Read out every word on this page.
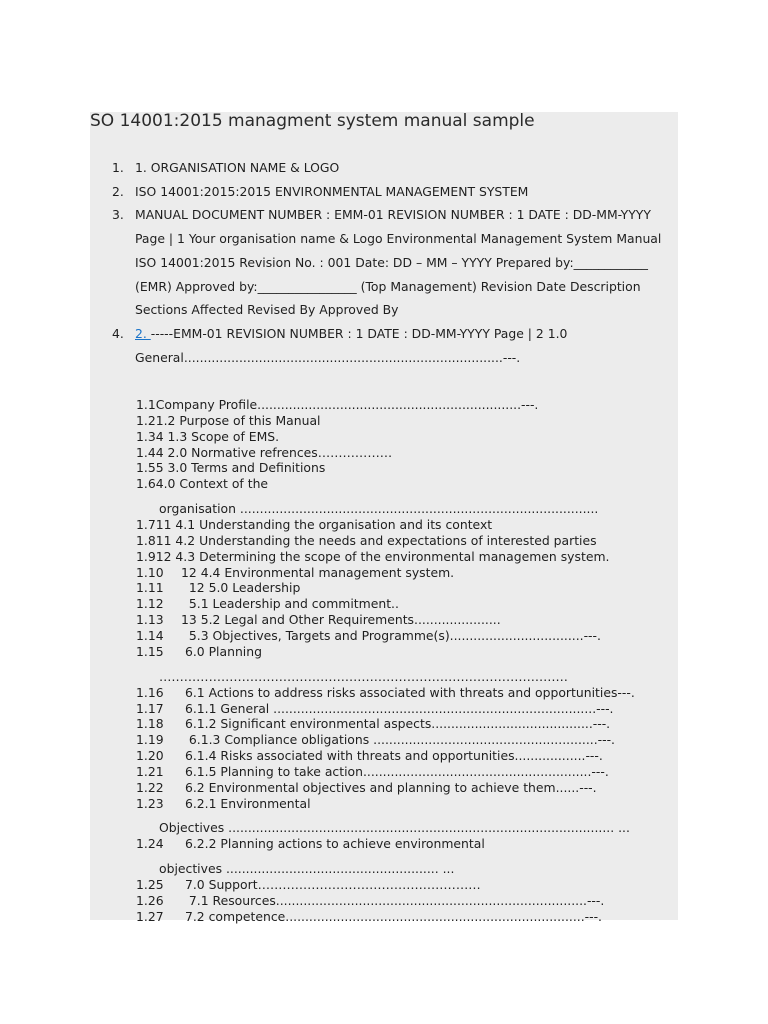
SO 14001:2015 managment system manual sample
1. 1. ORGANISATION NAME & LOGO
2. ISO 14001:2015:2015 ENVIRONMENTAL MANAGEMENT SYSTEM
3. MANUAL DOCUMENT NUMBER : EMM-01 REVISION NUMBER : 1 DATE : DD-MM-YYYY Page | 1 Your organisation name & Logo Environmental Management System Manual ISO 14001:2015 Revision No. : 001 Date: DD – MM – YYYY Prepared by:____________ (EMR) Approved by:________________ (Top Management) Revision Date Description Sections Affected Revised By Approved By
4. 2. -----EMM-01 REVISION NUMBER : 1 DATE : DD-MM-YYYY Page | 2 1.0 General.................................................................................---.
1.1Company Profile...................................................................---.
1.21.2 Purpose of this Manual
1.34 1.3 Scope of EMS.
1.44 2.0 Normative refrences………………
1.55 3.0 Terms and Definitions
1.64.0 Context of the
organisation ...........................................................................................
1.711 4.1 Understanding the organisation and its context
1.811 4.2 Understanding the needs and expectations of interested parties
1.912 4.3 Determining the scope of the environmental managemen system.
1.10 12 4.4 Environmental management system.
1.11  12 5.0 Leadership
1.12  5.1 Leadership and commitment..
1.13 13 5.2 Legal and Other Requirements......................
1.14  5.3 Objectives, Targets and Programme(s)..................................---.
1.15 6.0 Planning
………………………………………………………………………………………
1.16 6.1 Actions to address risks associated with threats and opportunities---.
1.17 6.1.1 General ..................................................................................---.
1.18 6.1.2 Significant environmental aspects.........................................---.
1.19  6.1.3 Compliance obligations .........................................................---.
1.20 6.1.4 Risks associated with threats and opportunities..................---.
1.21 6.1.5 Planning to take action..........................................................---.
1.22 6.2 Environmental objectives and planning to achieve them......---.
1.23 6.2.1 Environmental
Objectives .................................................................................................. ...
1.24 6.2.2 Planning actions to achieve environmental
objectives ...................................................... ...
1.25 7.0 Support………………………………………………
1.26  7.1 Resources...............................................................................---.
1.27 7.2 competence............................................................................---.
